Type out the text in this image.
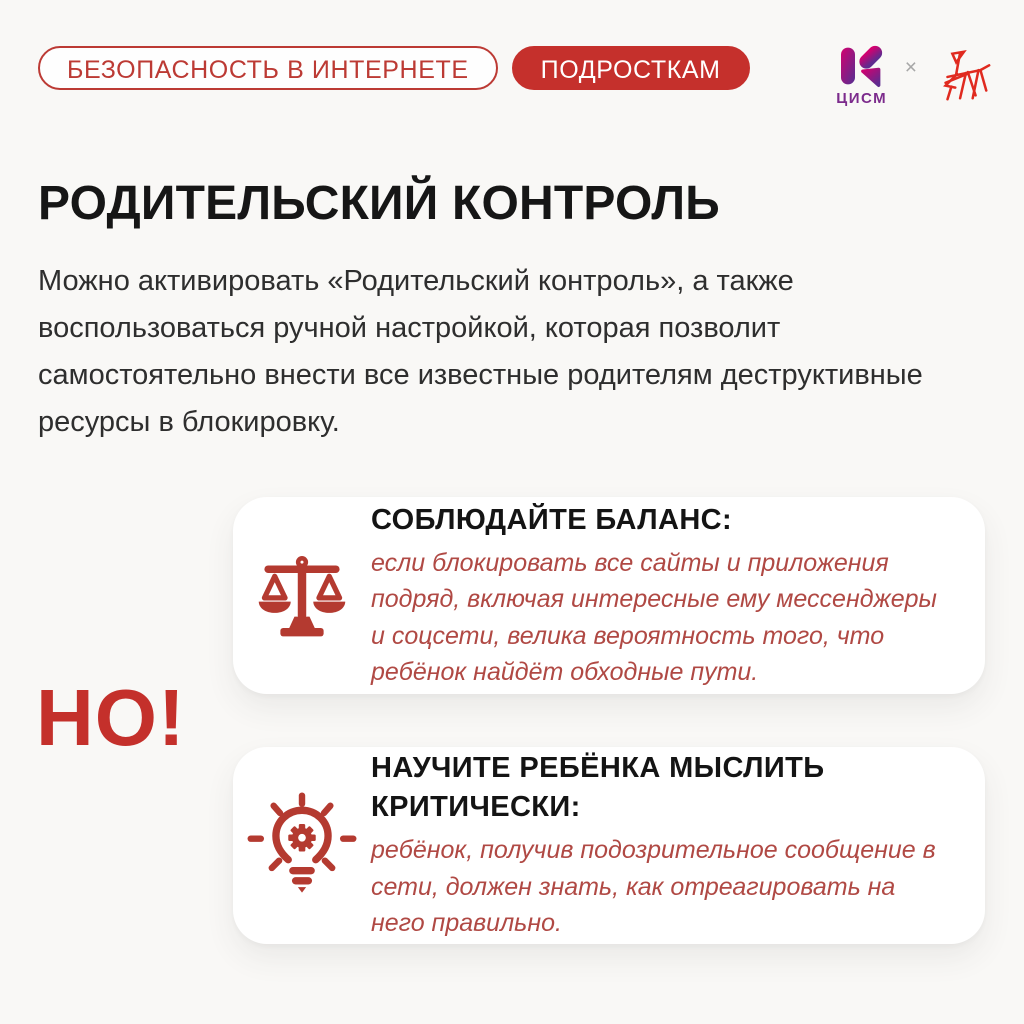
БЕЗОПАСНОСТЬ В ИНТЕРНЕТЕ	ПОДРОСТКАМ
ЦИСМ
×
РОДИТЕЛЬСКИЙ КОНТРОЛЬ

Можно активировать «Родительский контроль», а также воспользоваться ручной настройкой, которая позволит самостоятельно внести все известные родителям деструктивные ресурсы в блокировку.

НО!
СОБЛЮДАЙТЕ БАЛАНС:

если блокировать все сайты и приложения подряд, включая интересные ему мессенджеры и соцсети, велика вероятность того, что ребёнок найдёт обходные пути.

НАУЧИТЕ РЕБЁНКА МЫСЛИТЬ КРИТИЧЕСКИ:

ребёнок, получив подозрительное сообщение в сети, должен знать, как отреагировать на него правильно.
